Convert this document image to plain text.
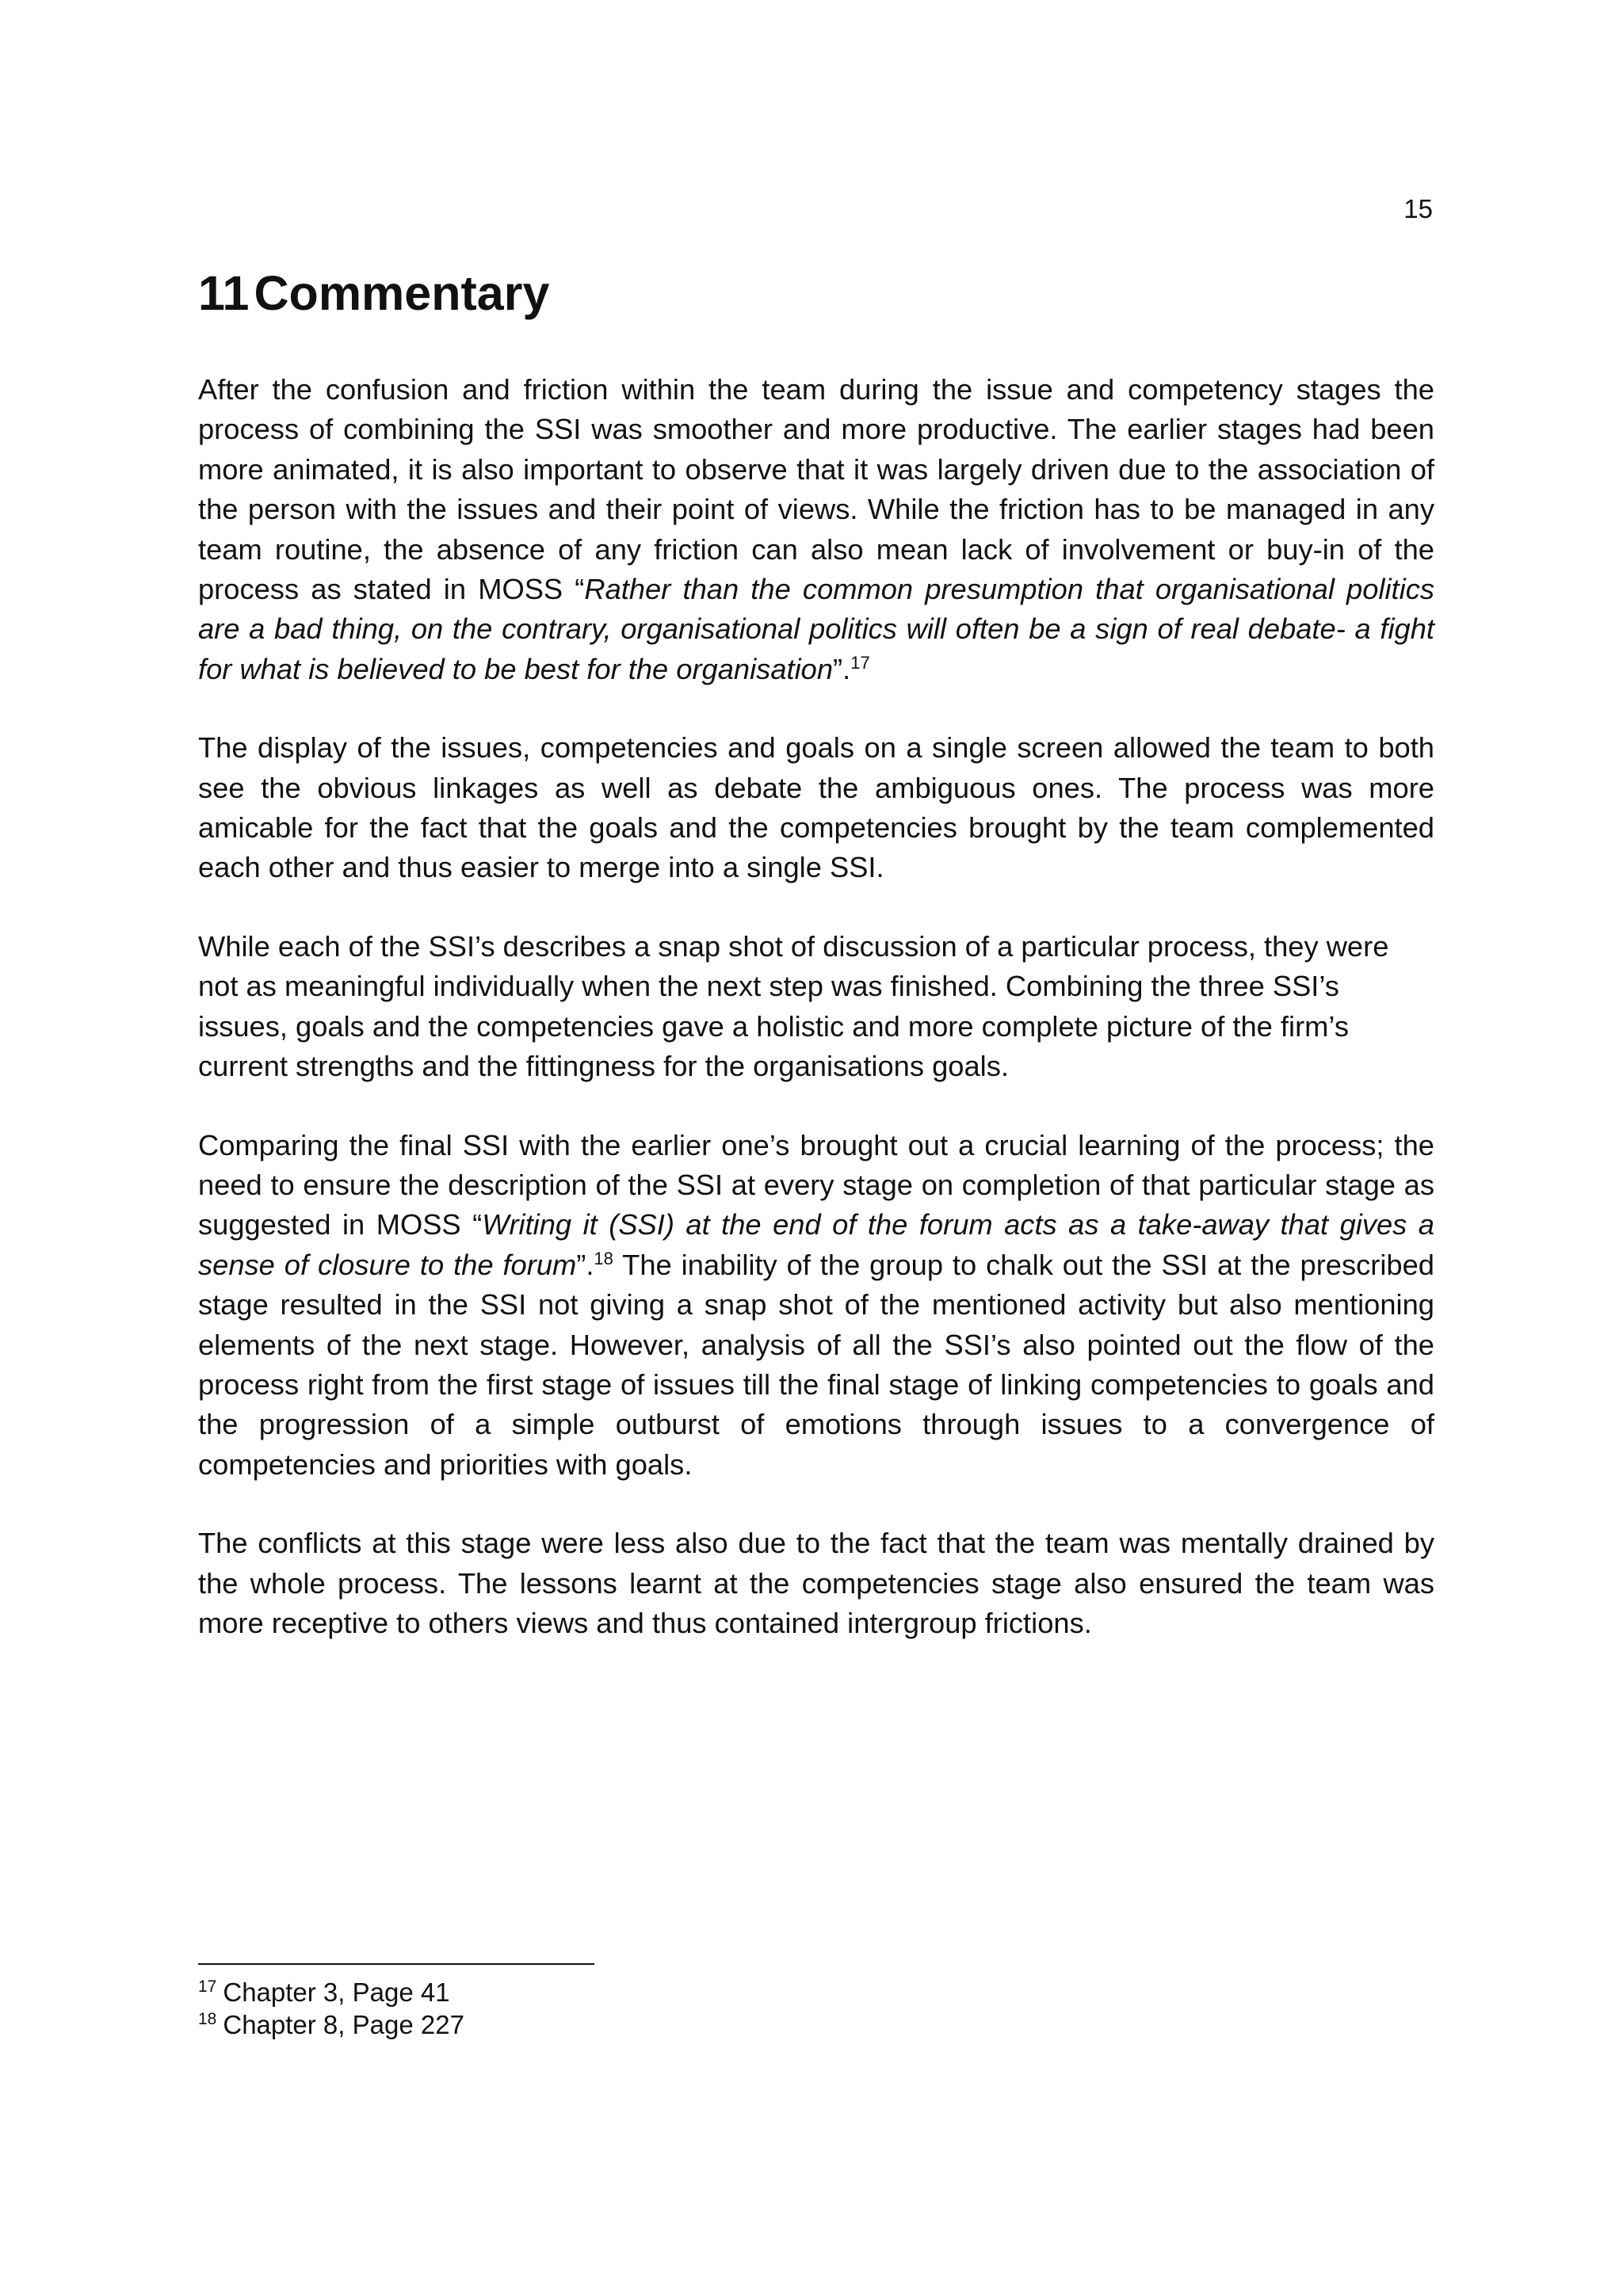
15
11Commentary

After the confusion and friction within the team during the issue and competency stages the process of combining the SSI was smoother and more productive. The earlier stages had been more animated, it is also important to observe that it was largely driven due to the association of the person with the issues and their point of views. While the friction has to be managed in any team routine, the absence of any friction can also mean lack of involvement or buy-in of the process as stated in MOSS “Rather than the common presumption that organisational politics are a bad thing, on the contrary, organisational politics will often be a sign of real debate- a fight for what is believed to be best for the organisation”.$^{17}$

The display of the issues, competencies and goals on a single screen allowed the team to both see the obvious linkages as well as debate the ambiguous ones. The process was more amicable for the fact that the goals and the competencies brought by the team complemented each other and thus easier to merge into a single SSI.

While each of the SSI’s describes a snap shot of discussion of a particular process, they were not as meaningful individually when the next step was finished. Combining the three SSI’s issues, goals and the competencies gave a holistic and more complete picture of the firm’s current strengths and the fittingness for the organisations goals.

Comparing the final SSI with the earlier one’s brought out a crucial learning of the process; the need to ensure the description of the SSI at every stage on completion of that particular stage as suggested in MOSS “Writing it (SSI) at the end of the forum acts as a take-away that gives a sense of closure to the forum”.$^{18}$ The inability of the group to chalk out the SSI at the prescribed stage resulted in the SSI not giving a snap shot of the mentioned activity but also mentioning elements of the next stage. However, analysis of all the SSI’s also pointed out the flow of the process right from the first stage of issues till the final stage of linking competencies to goals and the progression of a simple outburst of emotions through issues to a convergence of competencies and priorities with goals.

The conflicts at this stage were less also due to the fact that the team was mentally drained by the whole process. The lessons learnt at the competencies stage also ensured the team was more receptive to others views and thus contained intergroup frictions.

$^{17}$ Chapter 3, Page 41
$^{18}$ Chapter 8, Page 227
